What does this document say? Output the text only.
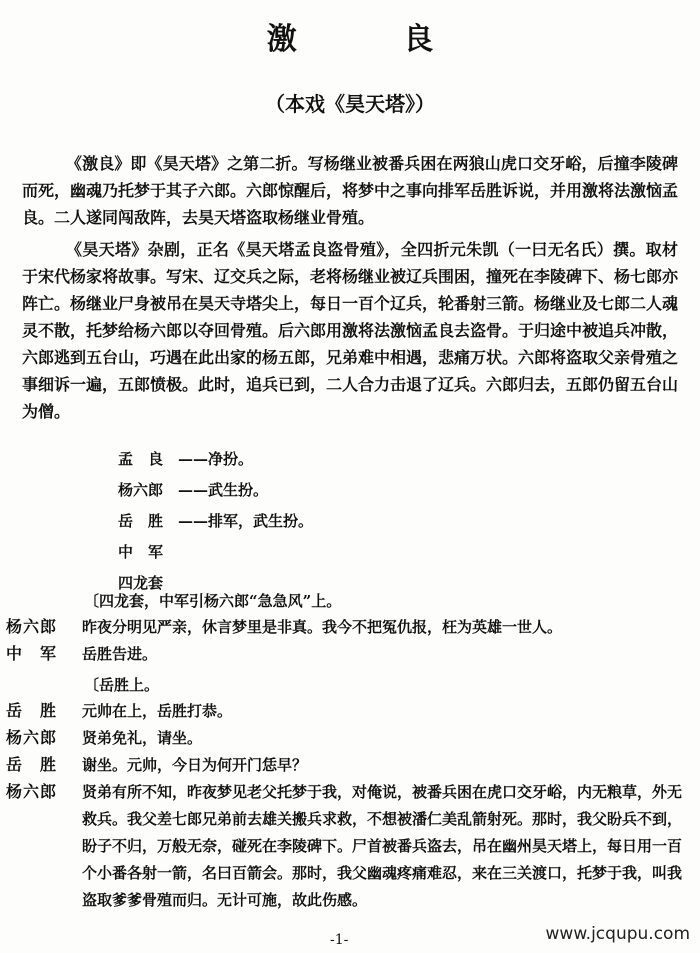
激 良
（本戏《昊天塔》）

《激良》即《昊天塔》之第二折。写杨继业被番兵困在两狼山虎口交牙峪，后撞李陵碑而死，幽魂乃托梦于其子六郎。六郎惊醒后，将梦中之事向排军岳胜诉说，并用激将法激恼孟良。二人遂同闯敌阵，去昊天塔盗取杨继业骨殖。

《昊天塔》杂剧，正名《昊天塔孟良盗骨殖》，全四折元朱凯（一曰无名氏）撰。取材于宋代杨家将故事。写宋、辽交兵之际，老将杨继业被辽兵围困，撞死在李陵碑下、杨七郎亦阵亡。杨继业尸身被吊在昊天寺塔尖上，每日一百个辽兵，轮番射三箭。杨继业及七郎二人魂灵不散，托梦给杨六郎以夺回骨殖。后六郎用激将法激恼孟良去盗骨。于归途中被追兵冲散，六郎逃到五台山，巧遇在此出家的杨五郎，兄弟难中相遇，悲痛万状。六郎将盗取父亲骨殖之事细诉一遍，五郎愤极。此时，追兵已到，二人合力击退了辽兵。六郎归去，五郎仍留五台山为僧。

孟　良 ——净扮。
杨六郎 ——武生扮。
岳　胜 ——排军，武生扮。
中　军
四龙套
〔四龙套，中军引杨六郎“急急风”上。
杨六郎	昨夜分明见严亲，休言梦里是非真。我今不把冤仇报，枉为英雄一世人。
中　军	岳胜告进。
〔岳胜上。
岳　胜	元帅在上，岳胜打恭。
杨六郎	贤弟免礼，请坐。
岳　胜	谢坐。元帅，今日为何开门恁早？
杨六郎	贤弟有所不知，昨夜梦见老父托梦于我，对俺说，被番兵困在虎口交牙峪，内无粮草，外无救兵。我父差七郎兄弟前去雄关搬兵求救，不想被潘仁美乱箭射死。那时，我父盼兵不到，盼子不归，万般无奈，碰死在李陵碑下。尸首被番兵盗去，吊在幽州昊天塔上，每日用一百个小番各射一箭，名曰百箭会。那时，我父幽魂疼痛难忍，来在三关渡口，托梦于我，叫我盗取爹爹骨殖而归。无计可施，故此伤感。
-1-	www.jcqupu.com
